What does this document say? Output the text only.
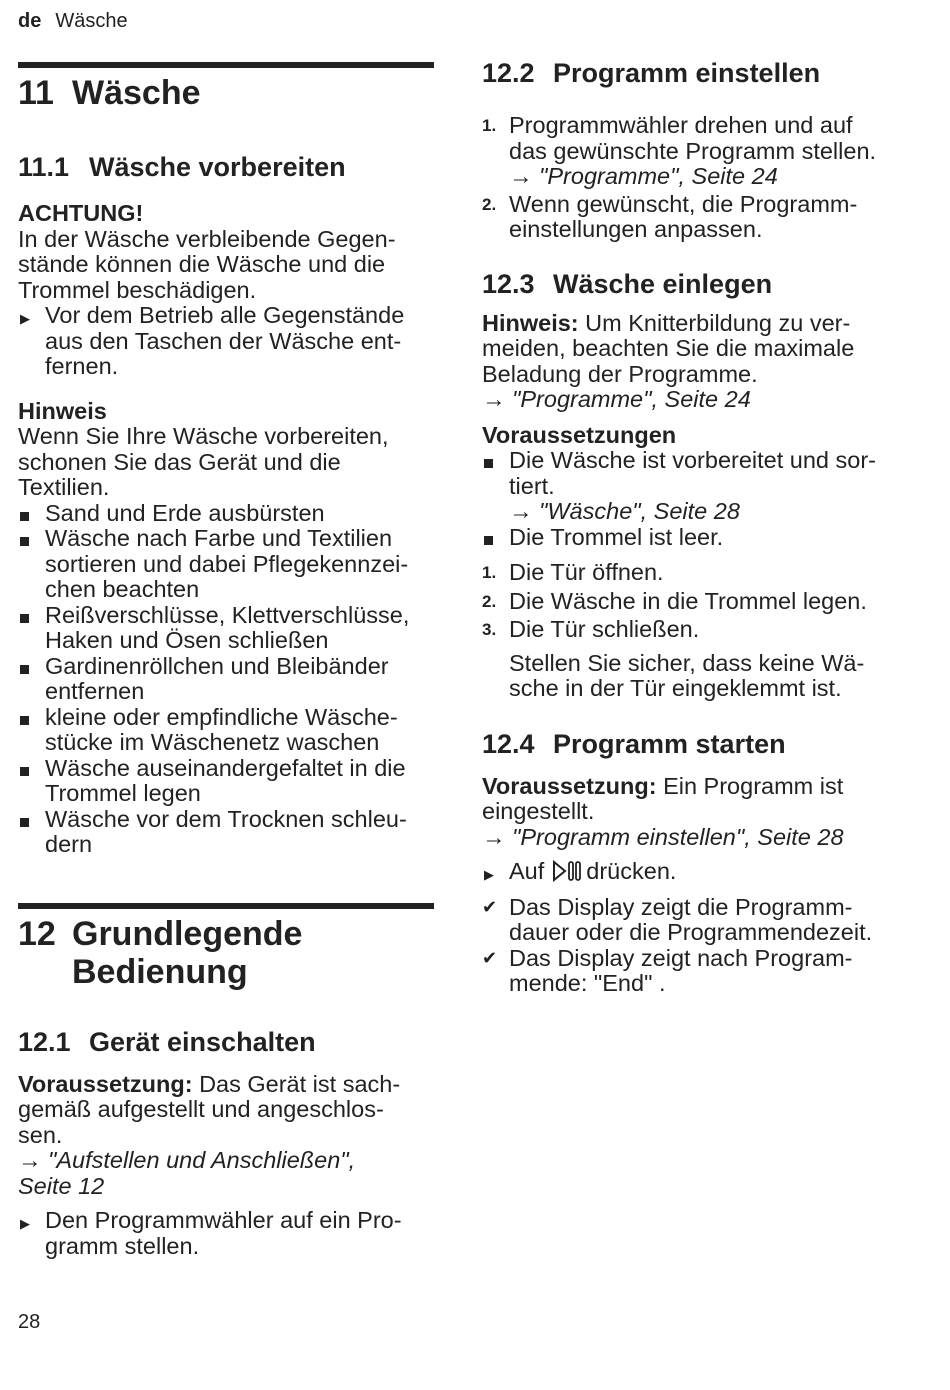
de Wäsche
11 Wäsche
11.1 Wäsche vorbereiten
ACHTUNG!
In der Wäsche verbleibende Gegen-
stände können die Wäsche und die
Trommel beschädigen.
▶ Vor dem Betrieb alle Gegenstände
aus den Taschen der Wäsche ent-
fernen.
Hinweis
Wenn Sie Ihre Wäsche vorbereiten,
schonen Sie das Gerät und die
Textilien.
Sand und Erde ausbürsten
Wäsche nach Farbe und Textilien
sortieren und dabei Pflegekennzei-
chen beachten
Reißverschlüsse, Klettverschlüsse,
Haken und Ösen schließen
Gardinenröllchen und Bleibänder
entfernen
kleine oder empfindliche Wäsche-
stücke im Wäschenetz waschen
Wäsche auseinandergefaltet in die
Trommel legen
Wäsche vor dem Trocknen schleu-
dern
12 Grundlegende
Bedienung
12.1 Gerät einschalten
Voraussetzung: Das Gerät ist sach-
gemäß aufgestellt und angeschlos-
sen.
→ "Aufstellen und Anschließen",
Seite 12
▶ Den Programmwähler auf ein Pro-
gramm stellen.
12.2 Programm einstellen
1. Programmwähler drehen und auf
das gewünschte Programm stellen.
→ "Programme", Seite 24
2. Wenn gewünscht, die Programm-
einstellungen anpassen.
12.3 Wäsche einlegen
Hinweis: Um Knitterbildung zu ver-
meiden, beachten Sie die maximale
Beladung der Programme.
→ "Programme", Seite 24
Voraussetzungen
Die Wäsche ist vorbereitet und sor-
tiert.
→ "Wäsche", Seite 28
Die Trommel ist leer.
1. Die Tür öffnen.
2. Die Wäsche in die Trommel legen.
3. Die Tür schließen.
Stellen Sie sicher, dass keine Wä-
sche in der Tür eingeklemmt ist.
12.4 Programm starten
Voraussetzung: Ein Programm ist
eingestellt.
→ "Programm einstellen", Seite 28
▶ Auf drücken.
✔ Das Display zeigt die Programm-
dauer oder die Programmendezeit.
✔ Das Display zeigt nach Program-
mende: "End" .
28
